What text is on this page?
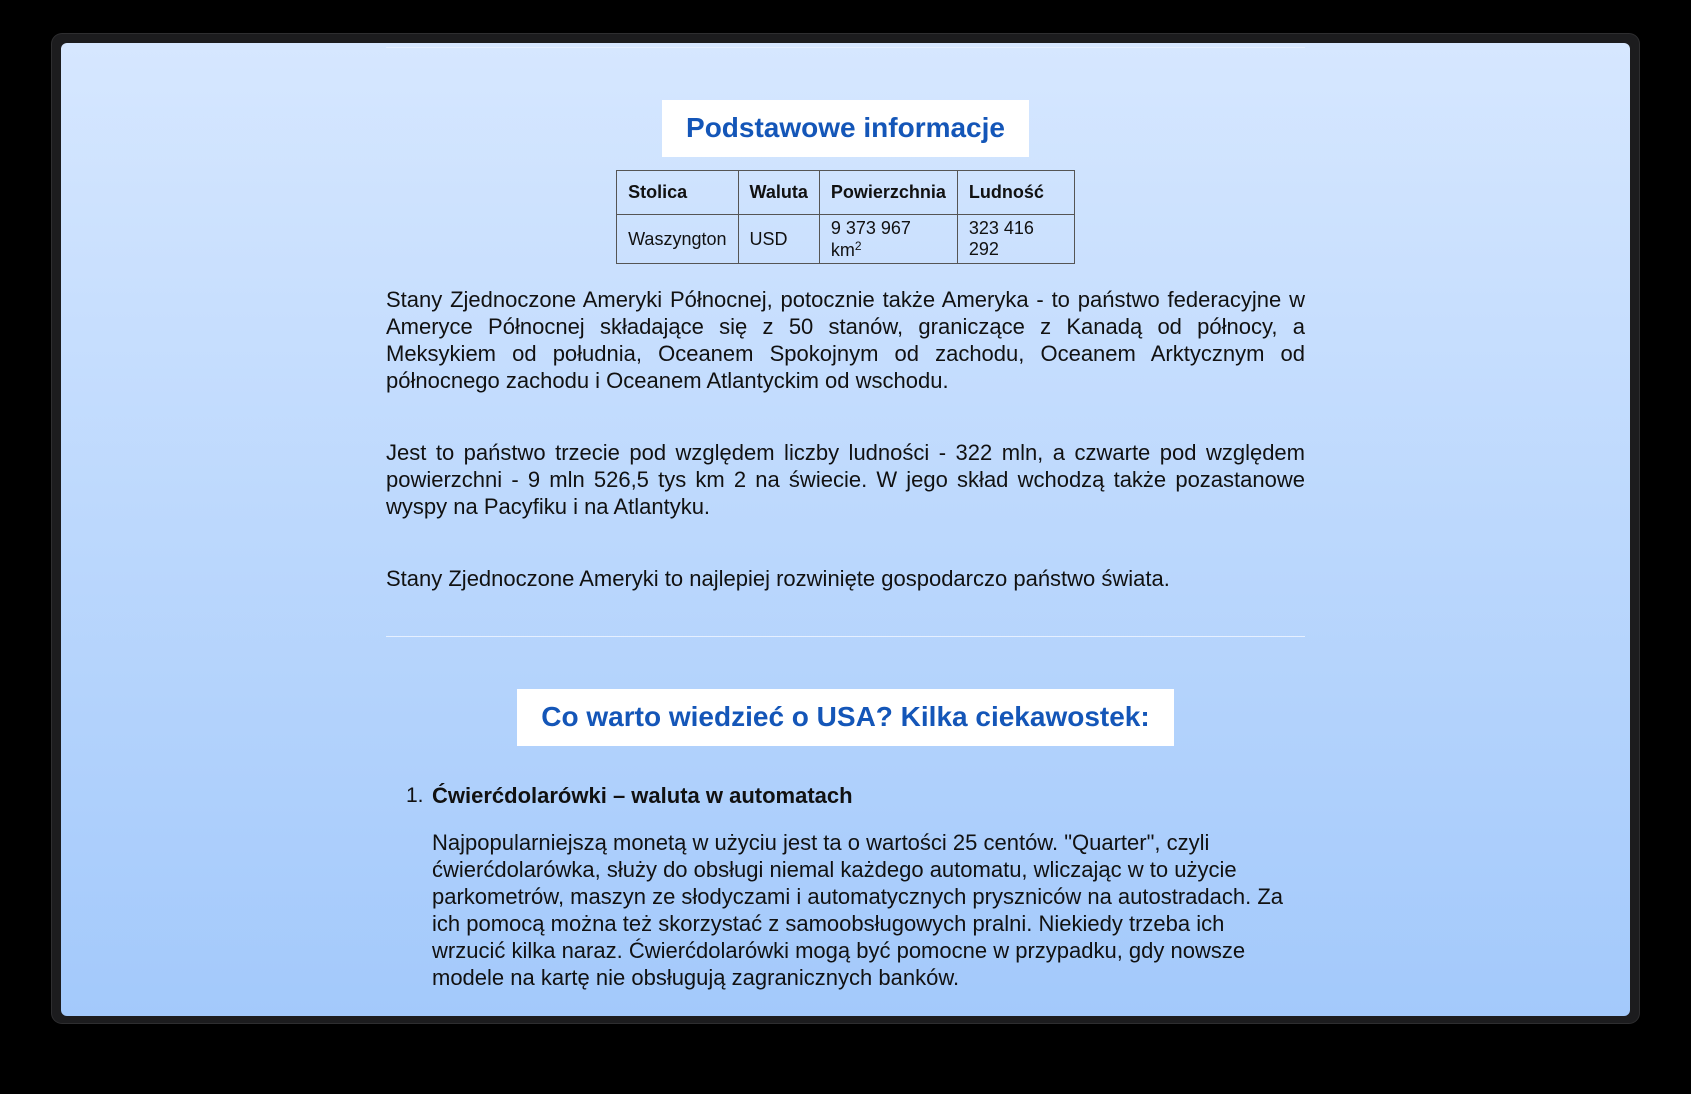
Podstawowe informacje
Stolica	Waluta	Powierzchnia	Ludność
Waszyngton	USD	9 373 967 $km^2$	323 416 292

Stany Zjednoczone Ameryki Północnej, potocznie także Ameryka - to państwo federacyjne w Ameryce Północnej składające się z 50 stanów, graniczące z Kanadą od północy, a Meksykiem od południa, Oceanem Spokojnym od zachodu, Oceanem Arktycznym od północnego zachodu i Oceanem Atlantyckim od wschodu.

Jest to państwo trzecie pod względem liczby ludności - 322 mln, a czwarte pod względem powierzchni - 9 mln 526,5 tys km 2 na świecie. W jego skład wchodzą także pozastanowe wyspy na Pacyfiku i na Atlantyku.

Stany Zjednoczone Ameryki to najlepiej rozwinięte gospodarczo państwo świata.

Co warto wiedzieć o USA? Kilka ciekawostek:
1. Ćwierćdolarówki – waluta w automatach

Najpopularniejszą monetą w użyciu jest ta o wartości 25 centów. "Quarter", czyli ćwierćdolarówka, służy do obsługi niemal każdego automatu, wliczając w to użycie parkometrów, maszyn ze słodyczami i automatycznych pryszniców na autostradach. Za ich pomocą można też skorzystać z samoobsługowych pralni. Niekiedy trzeba ich wrzucić kilka naraz. Ćwierćdolarówki mogą być pomocne w przypadku, gdy nowsze modele na kartę nie obsługują zagranicznych banków.
